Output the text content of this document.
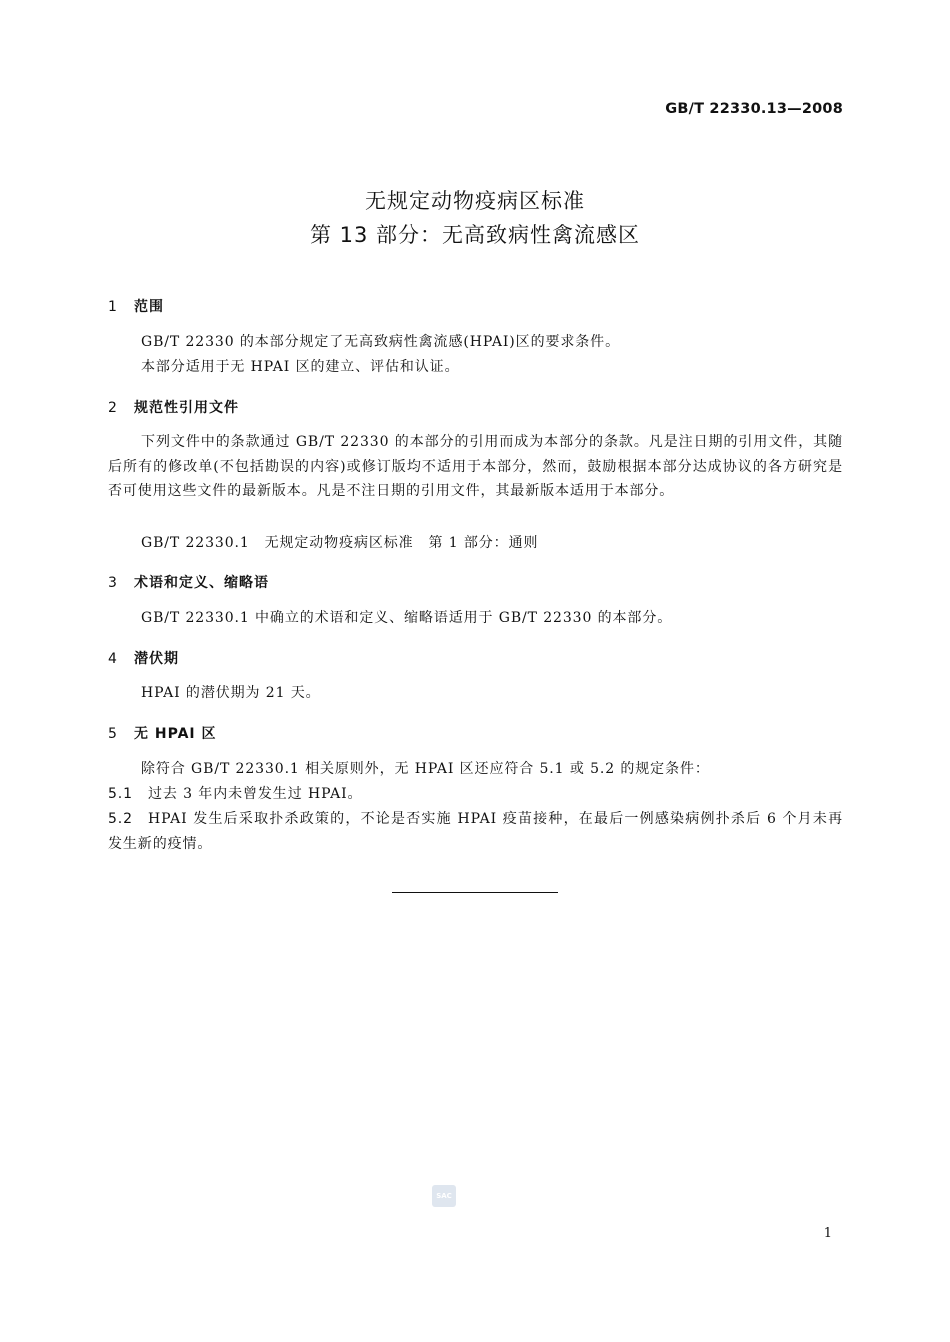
GB/T 22330.13—2008
无规定动物疫病区标准
第 13 部分：无高致病性禽流感区
1 范围
GB/T 22330 的本部分规定了无高致病性禽流感(HPAI)区的要求条件。
本部分适用于无 HPAI 区的建立、评估和认证。
2 规范性引用文件
下列文件中的条款通过 GB/T 22330 的本部分的引用而成为本部分的条款。凡是注日期的引用文件，其随后所有的修改单(不包括勘误的内容)或修订版均不适用于本部分，然而，鼓励根据本部分达成协议的各方研究是否可使用这些文件的最新版本。凡是不注日期的引用文件，其最新版本适用于本部分。
GB/T 22330.1　无规定动物疫病区标准　第 1 部分：通则
3 术语和定义、缩略语
GB/T 22330.1 中确立的术语和定义、缩略语适用于 GB/T 22330 的本部分。
4 潜伏期
HPAI 的潜伏期为 21 天。
5 无 HPAI 区
除符合 GB/T 22330.1 相关原则外，无 HPAI 区还应符合 5.1 或 5.2 的规定条件：
5.1 过去 3 年内未曾发生过 HPAI。
5.2 HPAI 发生后采取扑杀政策的，不论是否实施 HPAI 疫苗接种，在最后一例感染病例扑杀后 6 个月未再发生新的疫情。
SAC
1
